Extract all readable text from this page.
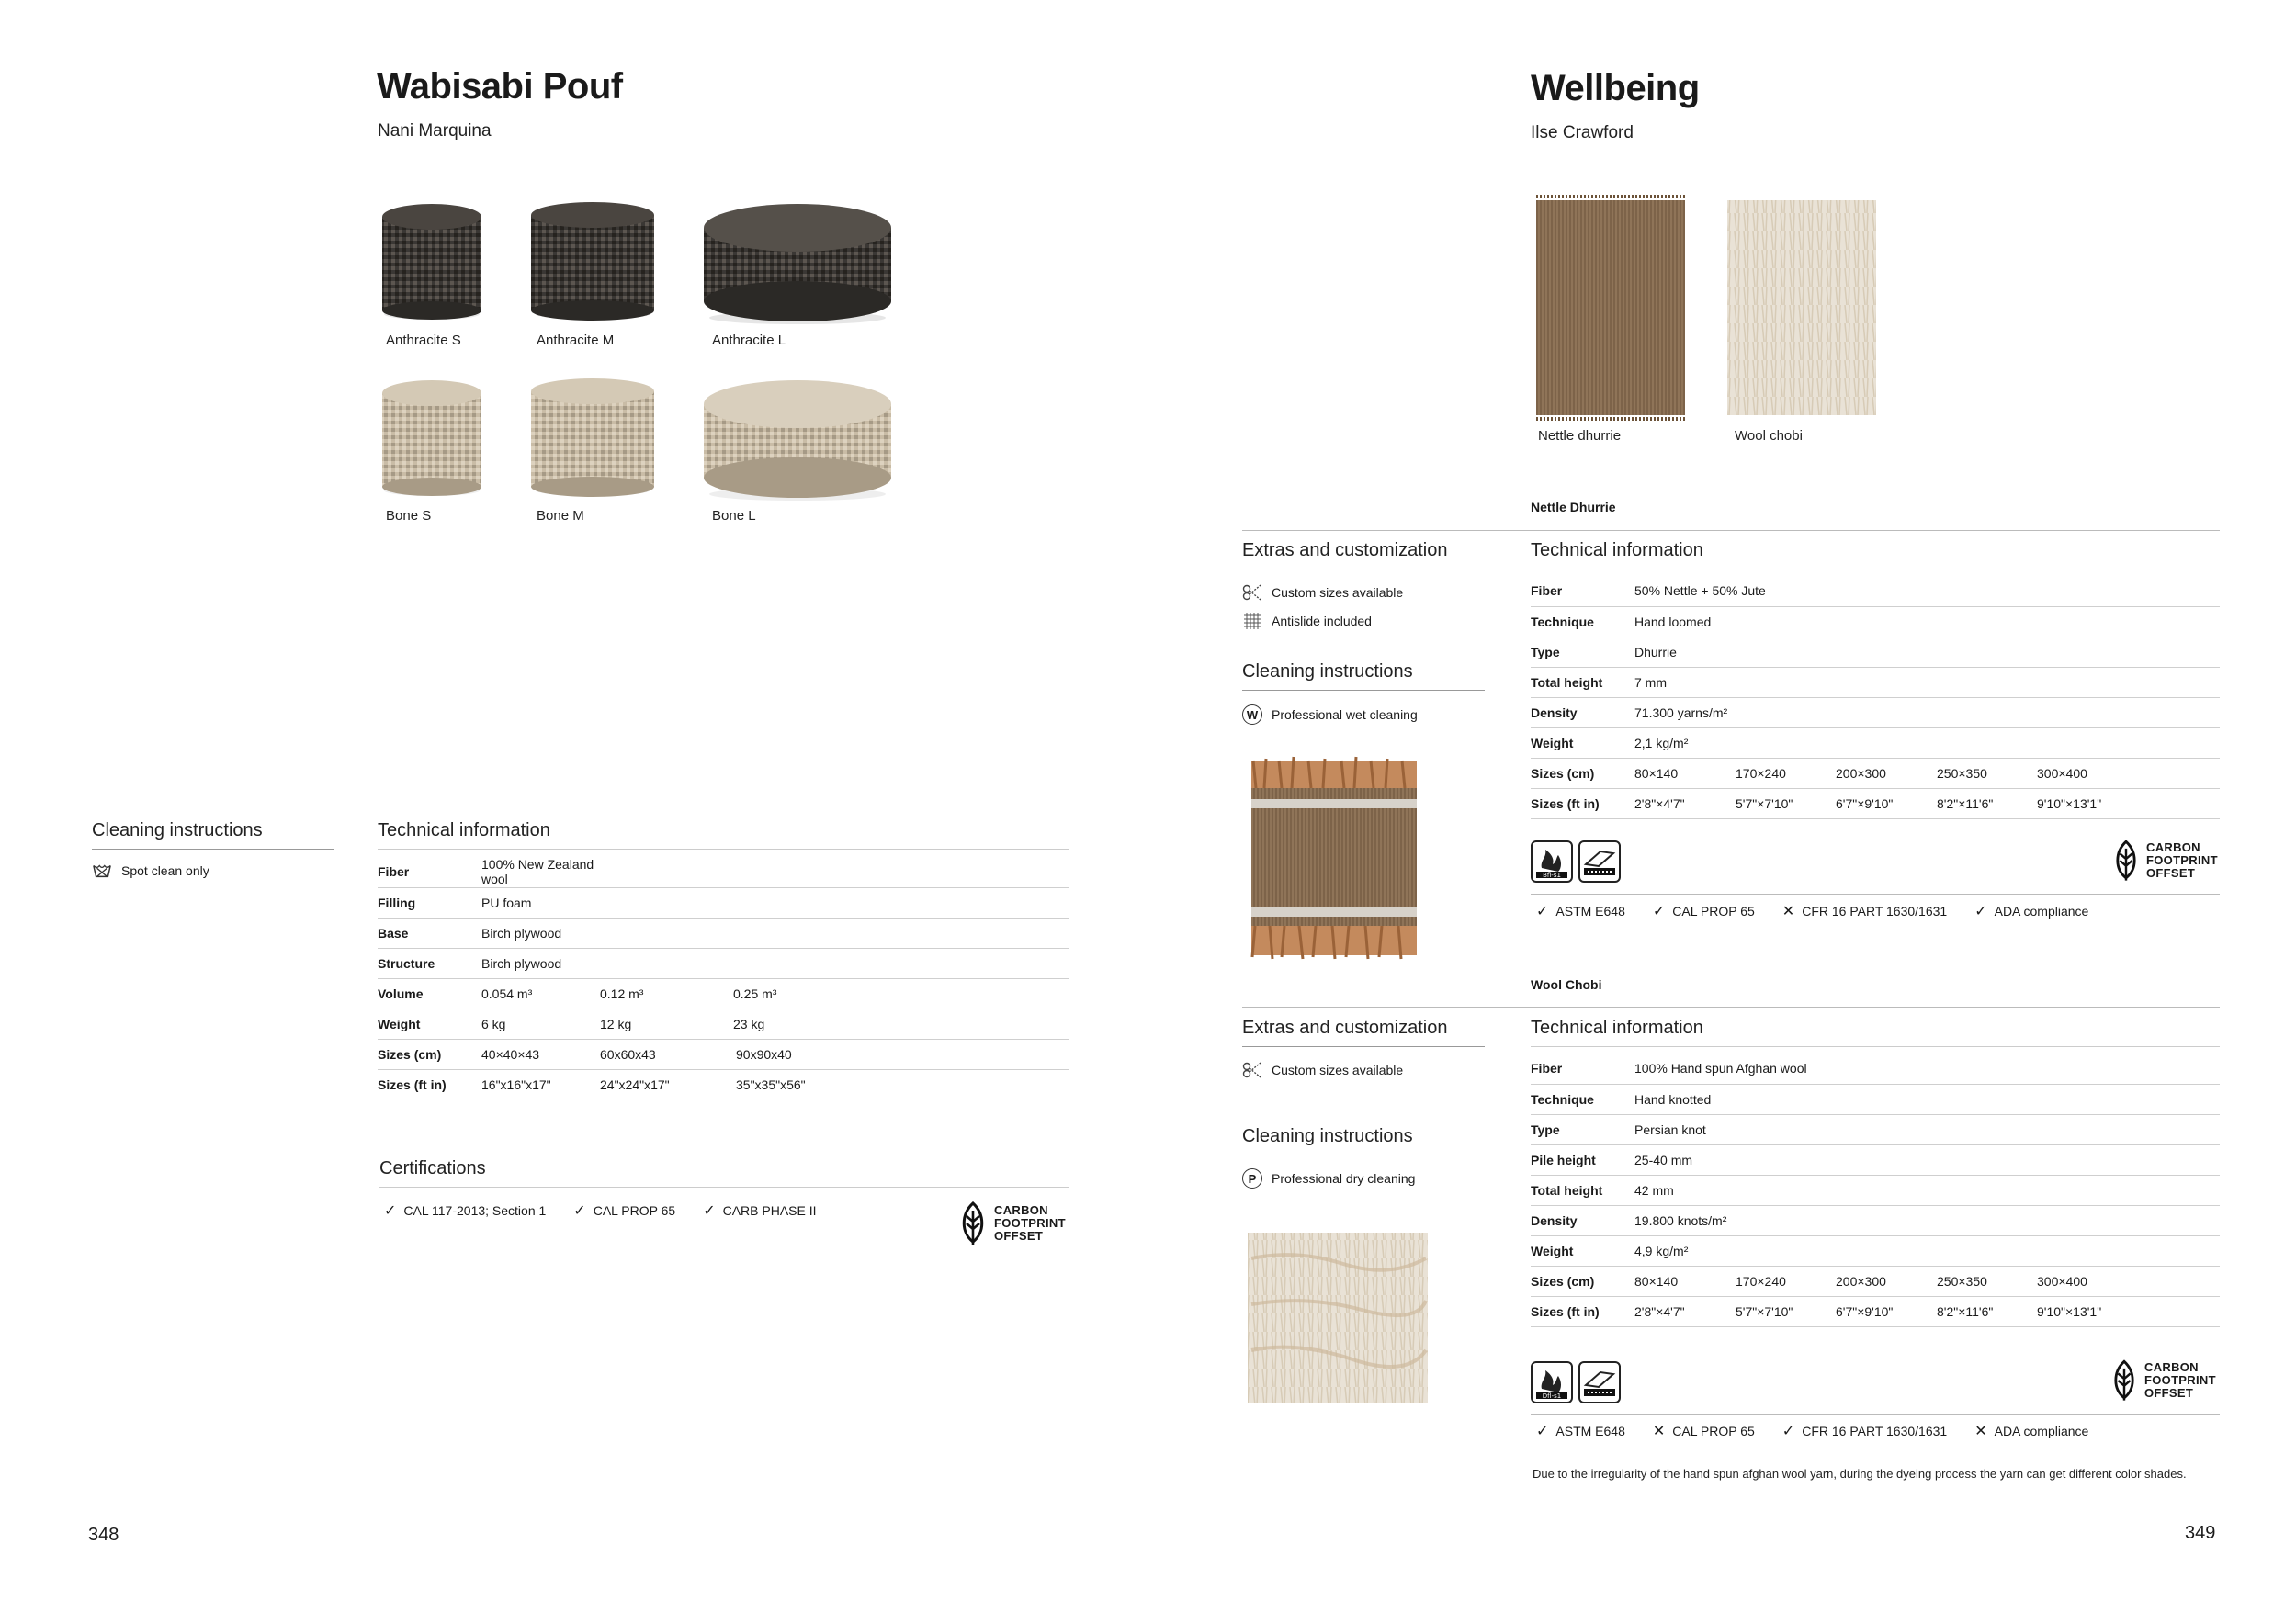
Wabisabi Pouf
Nani Marquina
Anthracite S	Anthracite M	Anthracite L
Bone S	Bone M	Bone L
Cleaning instructions
Spot clean only
Technical information
Fiber	100% New Zealand wool		
Filling	PU foam		
Base	Birch plywood		
Structure	Birch plywood		
Volume	0.054 m³	0.12 m³	0.25 m³
Weight	6 kg	12 kg	23 kg
Sizes (cm)	40×40×43	60x60x43	90x90x40
Sizes (ft in)	16"x16"x17"	24"x24"x17"	35"x35"x56"
Certifications
✓ CAL 117-2013; Section 1 ✓ CAL PROP 65 ✓ CARB PHASE II	CARBON
FOOTPRINT
OFFSET
348
Wellbeing
Ilse Crawford
Nettle dhurrie	Wool chobi
Nettle Dhurrie
Extras and customization
Custom sizes available
Antislide included
Cleaning instructions
W	Professional wet cleaning
Technical information
Fiber	50% Nettle + 50% Jute				
Technique	Hand loomed				
Type	Dhurrie				
Total height	7 mm				
Density	71.300 yarns/m²				
Weight	2,1 kg/m²				
Sizes (cm)	80×140	170×240	200×300	250×350	300×400
Sizes (ft in)	2'8"×4'7"	5'7"×7'10"	6'7"×9'10"	8'2"×11'6"	9'10"×13'1"
Bfl-s1
CARBON
FOOTPRINT
OFFSET
✓ ASTM E648 ✓ CAL PROP 65 ✕ CFR 16 PART 1630/1631 ✓ ADA compliance
Wool Chobi
Extras and customization
Custom sizes available
Cleaning instructions
P	Professional dry cleaning
Technical information
Fiber	100% Hand spun Afghan wool				
Technique	Hand knotted				
Type	Persian knot				
Pile height	25-40 mm				
Total height	42 mm				
Density	19.800 knots/m²				
Weight	4,9 kg/m²				
Sizes (cm)	80×140	170×240	200×300	250×350	300×400
Sizes (ft in)	2'8"×4'7"	5'7"×7'10"	6'7"×9'10"	8'2"×11'6"	9'10"×13'1"
Dfl-s1
CARBON
FOOTPRINT
OFFSET
✓ ASTM E648 ✕ CAL PROP 65 ✓ CFR 16 PART 1630/1631 ✕ ADA compliance
Due to the irregularity of the hand spun afghan wool yarn, during the dyeing process the yarn can get different color shades.
349
